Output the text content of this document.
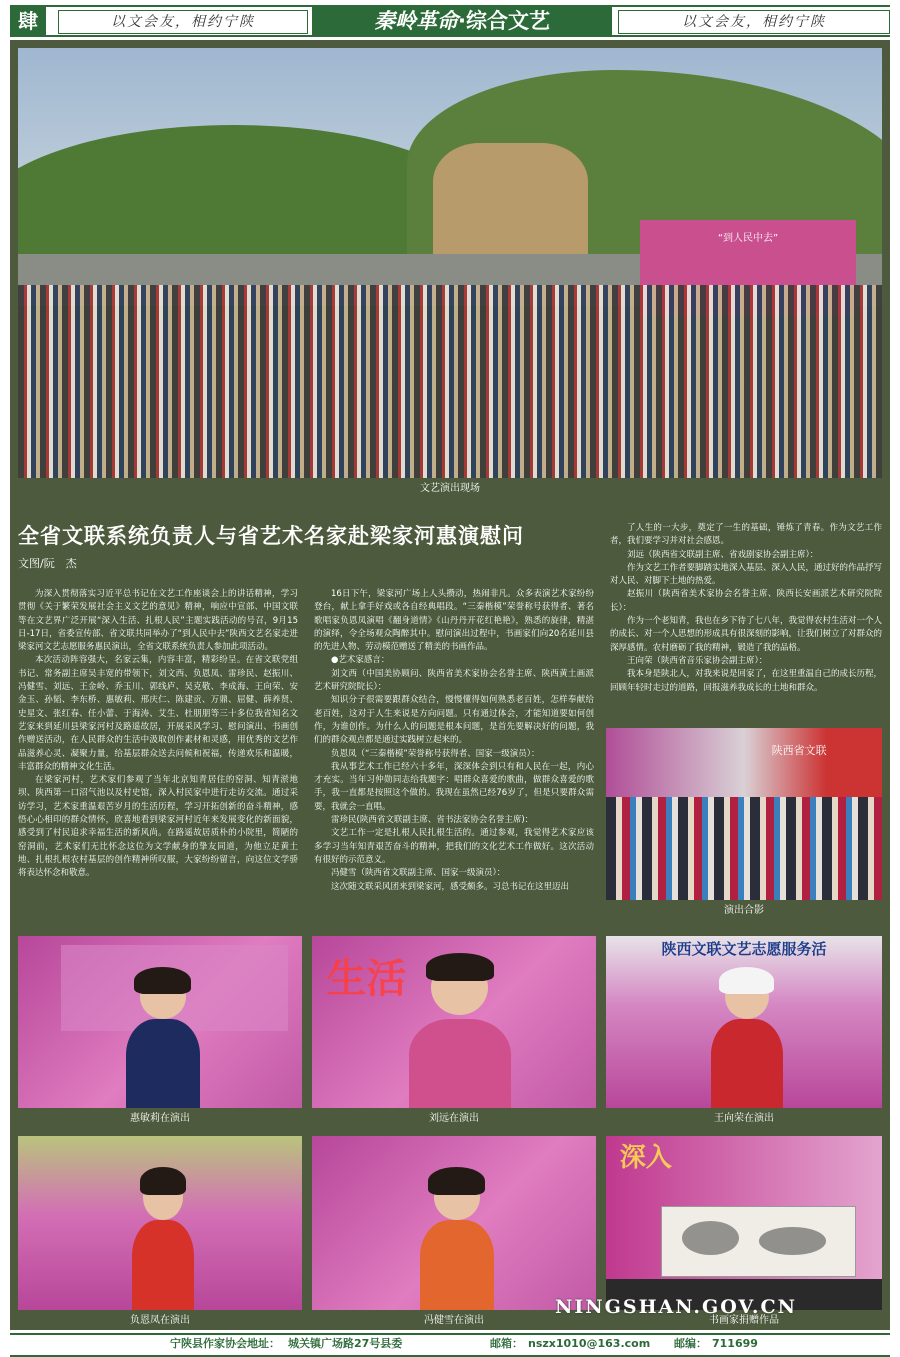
肆	以文会友，相约宁陕	秦岭革命·综合文艺	以文会友，相约宁陕
“到人民中去”
文艺演出现场
全省文联系统负责人与省艺术名家赴梁家河惠演慰问
文图/阮　杰

为深入贯彻落实习近平总书记在文艺工作座谈会上的讲话精神，学习贯彻《关于繁荣发展社会主义文艺的意见》精神，响应中宣部、中国文联等在文艺界广泛开展“深入生活、扎根人民”主题实践活动的号召，9月15日-17日，省委宣传部、省文联共同举办了“到人民中去”陕西文艺名家走进梁家河文艺志愿服务惠民演出，全省文联系统负责人参加此项活动。

本次活动阵容强大，名家云集，内容丰富，精彩纷呈。在省文联党组书记、常务副主席吴丰宽的带领下，刘文西、负恩凤、雷珍民、赵振川、冯健雪、刘远、王金岭、乔玉川、郭线庐、吴克敬、李成海、王向荣、安金玉、孙韬、李东桥、惠敏莉、邢庆仁、陈建贡、万鼎、屈健、薛养贤、史星文、张红春、任小蕾、于海涛、艾生、杜朋朋等三十多位我省知名文艺家来到延川县梁家河村及路遥故居，开展采风学习、慰问演出、书画创作赠送活动，在人民群众的生活中汲取创作素材和灵感，用优秀的文艺作品滋养心灵、凝聚力量，给基层群众送去问候和祝福，传递欢乐和温暖，丰富群众的精神文化生活。

在梁家河村，艺术家们参观了当年北京知青居住的窑洞、知青淤地坝、陕西第一口沼气池以及村史馆，深入村民家中进行走访交流。通过采访学习，艺术家重温艰苦岁月的生活历程，学习开拓创新的奋斗精神，感悟心心相印的群众情怀，欣喜地看到梁家河村近年来发展变化的新面貌，感受到了村民追求幸福生活的新风尚。在路遥故居质朴的小院里，简陋的窑洞前，艺术家们无比怀念这位为文学献身的挚友同道，为他立足黄土地、扎根扎根农村基层的创作精神所叹服，大家纷纷留言，向这位文学骄将表达怀念和敬意。

16日下午，梁家河广场上人头攒动，热闹非凡。众多表演艺术家纷纷登台，献上拿手好戏或各自经典唱段。“三秦楷模”荣誉称号获得者、著名歌唱家负恩凤演唱《翻身道情》《山丹丹开花红艳艳》，熟悉的旋律，精湛的演绎，令全场观众陶醉其中。慰问演出过程中，书画家们向20名延川县的先进人物、劳动模范赠送了精美的书画作品。

●艺术家感言：

刘文西（中国美协顾问、陕西省美术家协会名誉主席、陕西黄土画派艺术研究院院长）：

知识分子很需要跟群众结合，慢慢懂得如何熟悉老百姓，怎样奉献给老百姓，这对于人生来说是方向问题。只有通过体会，才能知道要如何创作，为谁创作。为什么人的问题是根本问题，是首先要解决好的问题，我们的群众观点都是通过实践树立起来的。

负恩凤（“三秦楷模”荣誉称号获得者、国家一级演员）：

我从事艺术工作已经六十多年，深深体会到只有和人民在一起，内心才充实。当年习仲勋同志给我题字：唱群众喜爱的歌曲，做群众喜爱的歌手，我一直都是按照这个做的。我现在虽然已经76岁了，但是只要群众需要，我就会一直唱。

雷珍民(陕西省文联副主席、省书法家协会名誉主席)：

文艺工作一定是扎根人民扎根生活的。通过参观，我觉得艺术家应该多学习当年知青艰苦奋斗的精神，把我们的文化艺术工作做好。这次活动有很好的示范意义。

冯健雪（陕西省文联副主席、国家一级演员）：

这次随文联采风团来到梁家河，感受颇多。习总书记在这里迈出

了人生的一大步，奠定了一生的基础，锤炼了青春。作为文艺工作者，我们要学习并对社会感恩。

刘远（陕西省文联副主席、省戏剧家协会副主席）：

作为文艺工作者要脚踏实地深入基层、深入人民，通过好的作品抒写对人民、对脚下土地的热爱。

赵振川（陕西省美术家协会名誉主席、陕西长安画派艺术研究院院长）：

作为一个老知青，我也在乡下待了七八年，我觉得农村生活对一个人的成长、对一个人思想的形成具有很深刻的影响，让我们树立了对群众的深厚感情。农村磨砺了我的精神，锻造了我的品格。

王向荣（陕西省音乐家协会副主席）：

我本身是陕北人，对我来说是回家了，在这里重温自己的成长历程，回顾年轻时走过的道路，回报滋养我成长的土地和群众。

陕西省文联
演出合影
惠敏莉在演出
生活
刘远在演出
陕西文联文艺志愿服务活
王向荣在演出
负恩凤在演出	冯健雪在演出
深入
书画家捐赠作品
NINGSHAN.GOV.CN
宁陕县作家协会地址： 城关镇广场路27号县委	邮箱： nszx1010@163.com 邮编： 711699
